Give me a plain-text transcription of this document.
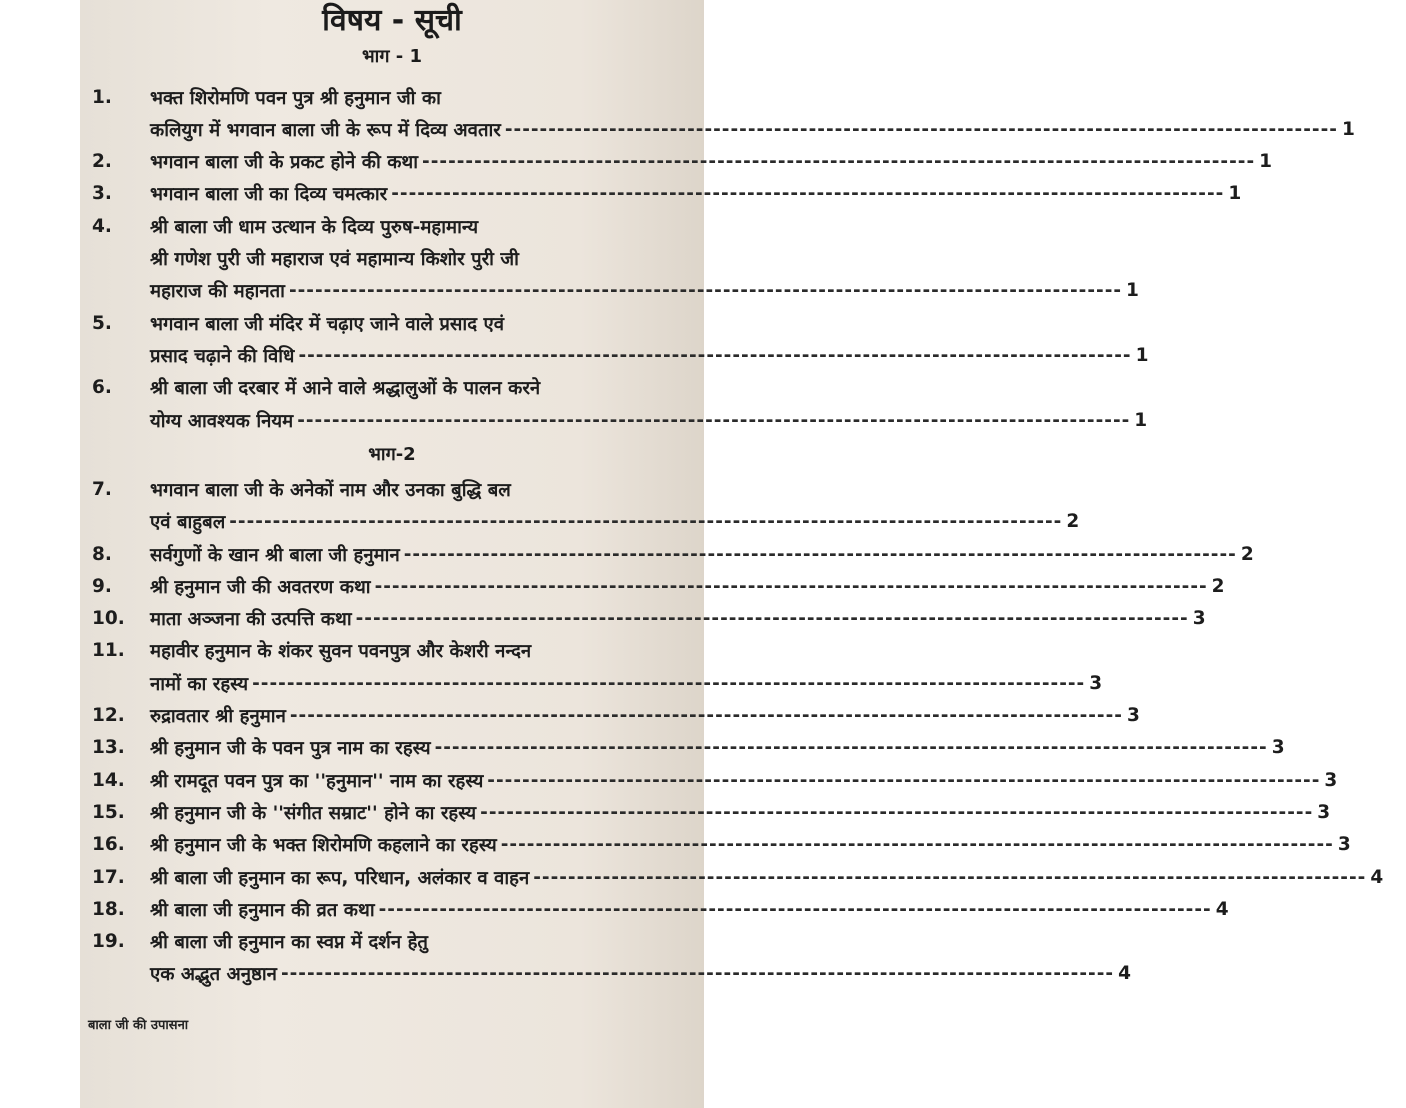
विषय - सूची
भाग - 1
1.	भक्त शिरोमणि पवन पुत्र श्री हनुमान जी का
कलियुग में भगवान बाला जी के रूप में दिव्य अवतार -----	1
2.	भगवान बाला जी के प्रकट होने की कथा -----	1
3.	भगवान बाला जी का दिव्य चमत्कार -----	1
4.	श्री बाला जी धाम उत्थान के दिव्य पुरुष-महामान्य
श्री गणेश पुरी जी महाराज एवं महामान्य किशोर पुरी जी
महाराज की महानता -----	1
5.	भगवान बाला जी मंदिर में चढ़ाए जाने वाले प्रसाद एवं
प्रसाद चढ़ाने की विधि -----	1
6.	श्री बाला जी दरबार में आने वाले श्रद्धालुओं के पालन करने
योग्य आवश्यक नियम -----	1
भाग-2
7.	भगवान बाला जी के अनेकों नाम और उनका बुद्धि बल
एवं बाहुबल -----	2
8.	सर्वगुणों के खान श्री बाला जी हनुमान -----	2
9.	श्री हनुमान जी की अवतरण कथा -----	2
10.	माता अञ्जना की उत्पत्ति कथा -----	3
11.	महावीर हनुमान के शंकर सुवन पवनपुत्र और केशरी नन्दन
नामों का रहस्य -----	3
12.	रुद्रावतार श्री हनुमान -----	3
13.	श्री हनुमान जी के पवन पुत्र नाम का रहस्य -----	3
14.	श्री रामदूत पवन पुत्र का ''हनुमान'' नाम का रहस्य -----	3
15.	श्री हनुमान जी के ''संगीत सम्राट'' होने का रहस्य -----	3
16.	श्री हनुमान जी के भक्त शिरोमणि कहलाने का रहस्य -----	3
17.	श्री बाला जी हनुमान का रूप, परिधान, अलंकार व वाहन -----	4
18.	श्री बाला जी हनुमान की व्रत कथा -----	4
19.	श्री बाला जी हनुमान का स्वप्न में दर्शन हेतु
एक अद्भुत अनुष्ठान -----	4
बाला जी की उपासना
